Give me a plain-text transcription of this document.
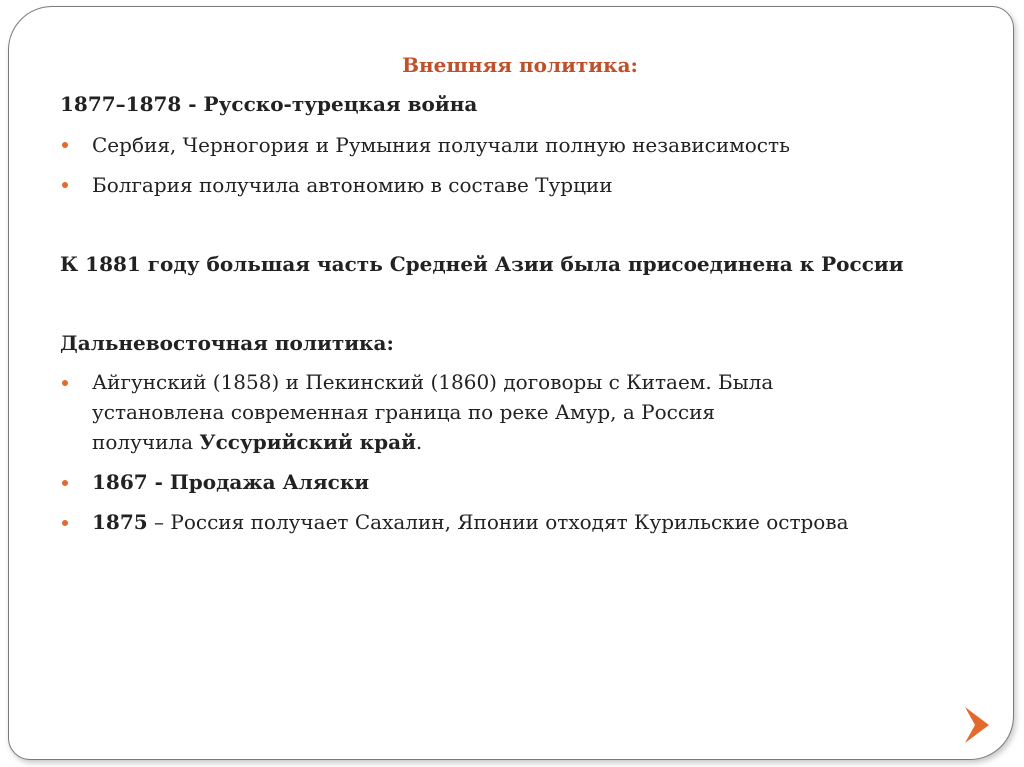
Внешняя политика:
1877–1878 - Русско-турецкая война
Сербия, Черногория и Румыния получали полную независимость
Болгария получила автономию в составе Турции
К 1881 году большая часть Средней Азии была присоединена к России
Дальневосточная политика:
Айгунский (1858) и Пекинский (1860) договоры с Китаем. Была
установлена современная граница по реке Амур, а Россия
получила Уссурийский край.
1867 - Продажа Аляски
1875 – Россия получает Сахалин, Японии отходят Курильские острова
